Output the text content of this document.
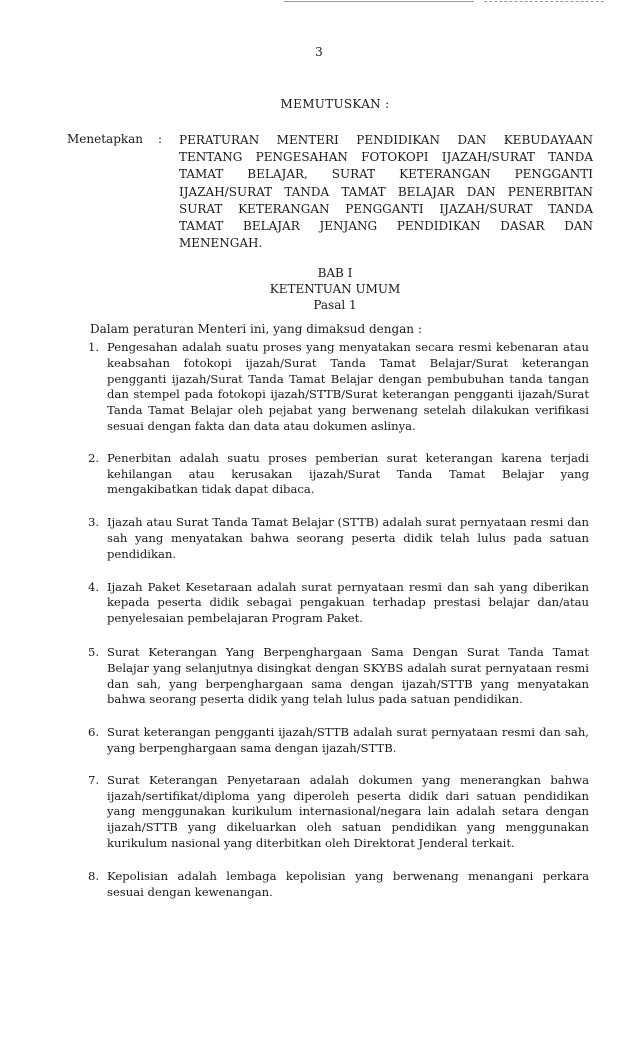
3
MEMUTUSKAN :
Menetapkan : PERATURAN MENTERI PENDIDIKAN DAN KEBUDAYAAN TENTANG PENGESAHAN FOTOKOPI IJAZAH/SURAT TANDA TAMAT BELAJAR, SURAT KETERANGAN PENGGANTI IJAZAH/SURAT TANDA TAMAT BELAJAR DAN PENERBITAN SURAT KETERANGAN PENGGANTI IJAZAH/SURAT TANDA TAMAT BELAJAR JENJANG PENDIDIKAN DASAR DAN MENENGAH.
BAB I
KETENTUAN UMUM
Pasal 1
Dalam peraturan Menteri ini, yang dimaksud dengan :
1. Pengesahan adalah suatu proses yang menyatakan secara resmi kebenaran atau keabsahan fotokopi ijazah/Surat Tanda Tamat Belajar/Surat keterangan pengganti ijazah/Surat Tanda Tamat Belajar dengan pembubuhan tanda tangan dan stempel pada fotokopi ijazah/STTB/Surat keterangan pengganti ijazah/Surat Tanda Tamat Belajar oleh pejabat yang berwenang setelah dilakukan verifikasi sesuai dengan fakta dan data atau dokumen aslinya.
2. Penerbitan adalah suatu proses pemberian surat keterangan karena terjadi kehilangan atau kerusakan ijazah/Surat Tanda Tamat Belajar yang mengakibatkan tidak dapat dibaca.
3. Ijazah atau Surat Tanda Tamat Belajar (STTB) adalah surat pernyataan resmi dan sah yang menyatakan bahwa seorang peserta didik telah lulus pada satuan pendidikan.
4. Ijazah Paket Kesetaraan adalah surat pernyataan resmi dan sah yang diberikan kepada peserta didik sebagai pengakuan terhadap prestasi belajar dan/atau penyelesaian pembelajaran Program Paket.
5. Surat Keterangan Yang Berpenghargaan Sama Dengan Surat Tanda Tamat Belajar yang selanjutnya disingkat dengan SKYBS adalah surat pernyataan resmi dan sah, yang berpenghargaan sama dengan ijazah/STTB yang menyatakan bahwa seorang peserta didik yang telah lulus pada satuan pendidikan.
6. Surat keterangan pengganti ijazah/STTB adalah surat pernyataan resmi dan sah, yang berpenghargaan sama dengan ijazah/STTB.
7. Surat Keterangan Penyetaraan adalah dokumen yang menerangkan bahwa ijazah/sertifikat/diploma yang diperoleh peserta didik dari satuan pendidikan yang menggunakan kurikulum internasional/negara lain adalah setara dengan ijazah/STTB yang dikeluarkan oleh satuan pendidikan yang menggunakan kurikulum nasional yang diterbitkan oleh Direktorat Jenderal terkait.
8. Kepolisian adalah lembaga kepolisian yang berwenang menangani perkara sesuai dengan kewenangan.
